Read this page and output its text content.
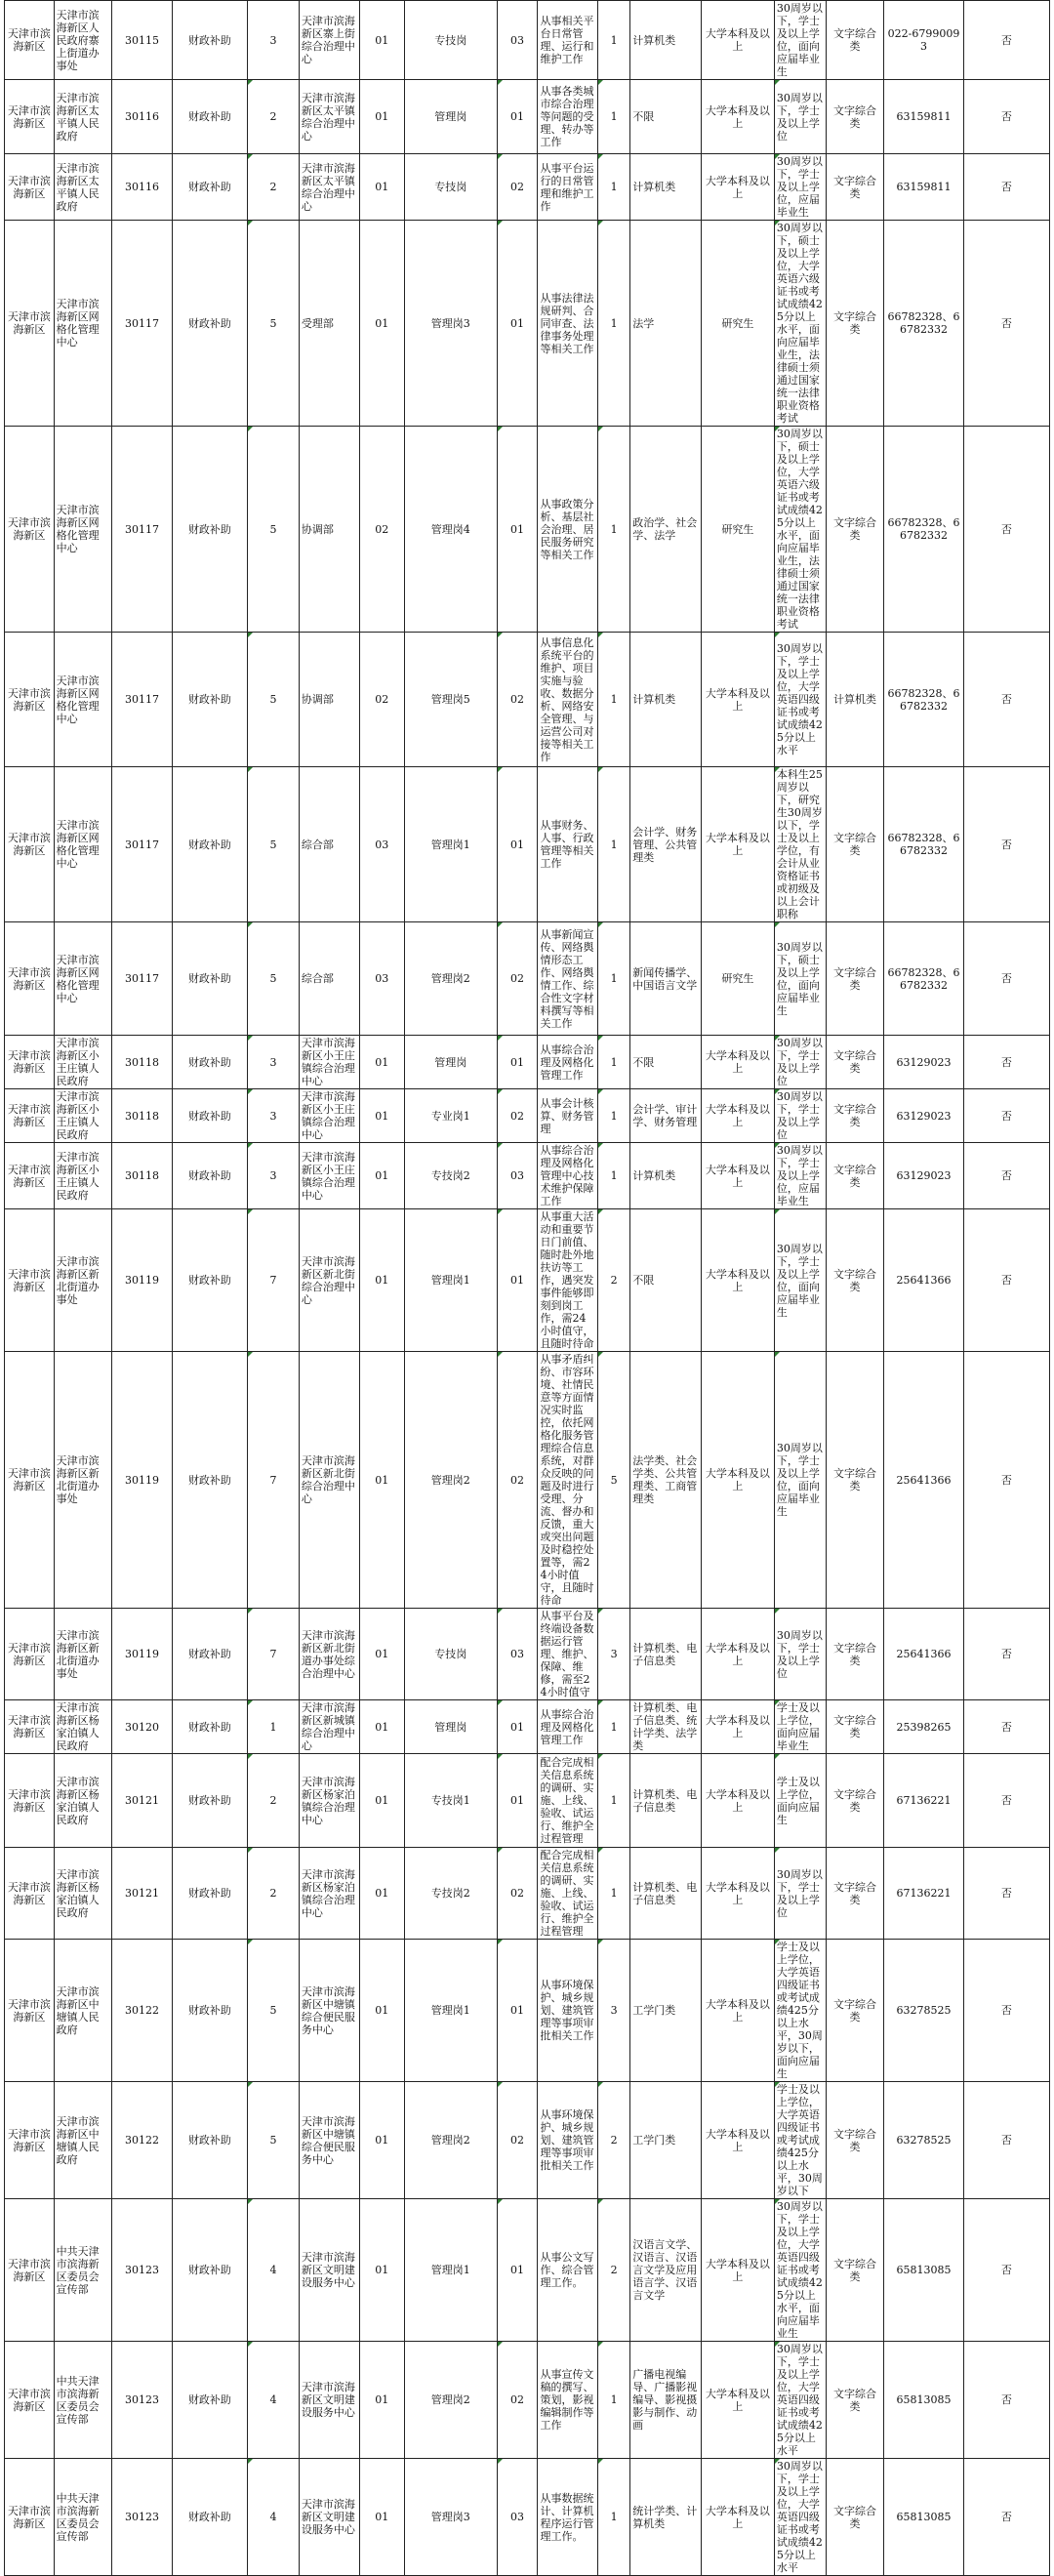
天津市滨海新区	天津市滨海新区人民政府寨上街道办事处	30115	财政补助	3	天津市滨海新区寨上街综合治理中心	01	专技岗	03	从事相关平台日常管理、运行和维护工作	1	计算机类	大学本科及以上	30周岁以下，学士及以上学位，面向应届毕业生	文字综合类	022-67990093	否
天津市滨海新区	天津市滨海新区太平镇人民政府	30116	财政补助	2	天津市滨海新区太平镇综合治理中心	01	管理岗	01	从事各类城市综合治理等问题的受理、转办等工作	1	不限	大学本科及以上	30周岁以下，学士及以上学位	文字综合类	63159811	否
天津市滨海新区	天津市滨海新区太平镇人民政府	30116	财政补助	2	天津市滨海新区太平镇综合治理中心	01	专技岗	02	从事平台运行的日常管理和维护工作	1	计算机类	大学本科及以上	30周岁以下，学士及以上学位，应届毕业生	文字综合类	63159811	否
天津市滨海新区	天津市滨海新区网格化管理中心	30117	财政补助	5	受理部	01	管理岗3	01	从事法律法规研判、合同审查、法律事务处理等相关工作	1	法学	研究生	30周岁以下，硕士及以上学位，大学英语六级证书或考试成绩425分以上水平，面向应届毕业生，法律硕士须通过国家统一法律职业资格考试	文字综合类	66782328、66782332	否
天津市滨海新区	天津市滨海新区网格化管理中心	30117	财政补助	5	协调部	02	管理岗4	01	从事政策分析、基层社会治理、居民服务研究等相关工作	1	政治学、社会学、法学	研究生	30周岁以下，硕士及以上学位，大学英语六级证书或考试成绩425分以上水平，面向应届毕业生，法律硕士须通过国家统一法律职业资格考试	文字综合类	66782328、66782332	否
天津市滨海新区	天津市滨海新区网格化管理中心	30117	财政补助	5	协调部	02	管理岗5	02	从事信息化系统平台的维护、项目实施与验收、数据分析、网络安全管理、与运营公司对接等相关工作	1	计算机类	大学本科及以上	30周岁以下，学士及以上学位，大学英语四级证书或考试成绩425分以上水平	计算机类	66782328、66782332	否
天津市滨海新区	天津市滨海新区网格化管理中心	30117	财政补助	5	综合部	03	管理岗1	01	从事财务、人事、行政管理等相关工作	1	会计学、财务管理、公共管理类	大学本科及以上	本科生25周岁以下，研究生30周岁以下，学士及以上学位，有会计从业资格证书或初级及以上会计职称	文字综合类	66782328、66782332	否
天津市滨海新区	天津市滨海新区网格化管理中心	30117	财政补助	5	综合部	03	管理岗2	02	从事新闻宣传、网络舆情形态工作、网络舆情工作、综合性文字材料撰写等相关工作	1	新闻传播学、中国语言文学	研究生	30周岁以下，硕士及以上学位，面向应届毕业生	文字综合类	66782328、66782332	否
天津市滨海新区	天津市滨海新区小王庄镇人民政府	30118	财政补助	3	天津市滨海新区小王庄镇综合治理中心	01	管理岗	01	从事综合治理及网格化管理工作	1	不限	大学本科及以上	30周岁以下，学士及以上学位	文字综合类	63129023	否
天津市滨海新区	天津市滨海新区小王庄镇人民政府	30118	财政补助	3	天津市滨海新区小王庄镇综合治理中心	01	专业岗1	02	从事会计核算、财务管理	1	会计学、审计学、财务管理	大学本科及以上	30周岁以下，学士及以上学位	文字综合类	63129023	否
天津市滨海新区	天津市滨海新区小王庄镇人民政府	30118	财政补助	3	天津市滨海新区小王庄镇综合治理中心	01	专技岗2	03	从事综合治理及网格化管理中心技术维护保障工作	1	计算机类	大学本科及以上	30周岁以下，学士及以上学位，应届毕业生	文字综合类	63129023	否
天津市滨海新区	天津市滨海新区新北街道办事处	30119	财政补助	7	天津市滨海新区新北街综合治理中心	01	管理岗1	01	从事重大活动和重要节日门前值、随时赴外地扶访等工作，遇突发事件能够即刻到岗工作，需24小时值守，且随时待命	2	不限	大学本科及以上	30周岁以下，学士及以上学位，面向应届毕业生	文字综合类	25641366	否
天津市滨海新区	天津市滨海新区新北街道办事处	30119	财政补助	7	天津市滨海新区新北街综合治理中心	01	管理岗2	02	从事矛盾纠纷、市容环境、社情民意等方面情况实时监控，依托网格化服务管理综合信息系统，对群众反映的问题及时进行受理、分流、督办和反馈，重大或突出问题及时稳控处置等，需24小时值守，且随时待命	5	法学类、社会学类、公共管理类、工商管理类	大学本科及以上	30周岁以下，学士及以上学位，面向应届毕业生	文字综合类	25641366	否
天津市滨海新区	天津市滨海新区新北街道办事处	30119	财政补助	7	天津市滨海新区新北街道办事处综合治理中心	01	专技岗	03	从事平台及终端设备数据运行管理、维护、保障、维修，需至24小时值守	3	计算机类、电子信息类	大学本科及以上	30周岁以下，学士及以上学位	文字综合类	25641366	否
天津市滨海新区	天津市滨海新区杨家泊镇人民政府	30120	财政补助	1	天津市滨海新区新城镇综合治理中心	01	管理岗	01	从事综合治理及网格化管理工作	1	计算机类、电子信息类、统计学类、法学类	大学本科及以上	学士及以上学位，面向应届毕业生	文字综合类	25398265	否
天津市滨海新区	天津市滨海新区杨家泊镇人民政府	30121	财政补助	2	天津市滨海新区杨家泊镇综合治理中心	01	专技岗1	01	配合完成相关信息系统的调研、实施、上线、验收、试运行、维护全过程管理	1	计算机类、电子信息类	大学本科及以上	学士及以上学位，面向应届生	文字综合类	67136221	否
天津市滨海新区	天津市滨海新区杨家泊镇人民政府	30121	财政补助	2	天津市滨海新区杨家泊镇综合治理中心	01	专技岗2	02	配合完成相关信息系统的调研、实施、上线、验收、试运行、维护全过程管理	1	计算机类、电子信息类	大学本科及以上	30周岁以下，学士及以上学位	文字综合类	67136221	否
天津市滨海新区	天津市滨海新区中塘镇人民政府	30122	财政补助	5	天津市滨海新区中塘镇综合便民服务中心	01	管理岗1	01	从事环境保护、城乡规划、建筑管理等事项审批相关工作	3	工学门类	大学本科及以上	学士及以上学位，大学英语四级证书或考试成绩425分以上水平，30周岁以下，面向应届生	文字综合类	63278525	否
天津市滨海新区	天津市滨海新区中塘镇人民政府	30122	财政补助	5	天津市滨海新区中塘镇综合便民服务中心	01	管理岗2	02	从事环境保护、城乡规划、建筑管理等事项审批相关工作	2	工学门类	大学本科及以上	学士及以上学位，大学英语四级证书或考试成绩425分以上水平，30周岁以下	文字综合类	63278525	否
天津市滨海新区	中共天津市滨海新区委员会宣传部	30123	财政补助	4	天津市滨海新区文明建设服务中心	01	管理岗1	01	从事公文写作、综合管理工作。	2	汉语言文学、汉语言、汉语言文学及应用语言学、汉语言文学	大学本科及以上	30周岁以下，学士及以上学位，大学英语四级证书或考试成绩425分以上水平，面向应届毕业生	文字综合类	65813085	否
天津市滨海新区	中共天津市滨海新区委员会宣传部	30123	财政补助	4	天津市滨海新区文明建设服务中心	01	管理岗2	02	从事宣传文稿的撰写、策划，影视编辑制作等工作	1	广播电视编导、广播影视编导、影视摄影与制作、动画	大学本科及以上	30周岁以下，学士及以上学位，大学英语四级证书或考试成绩425分以上水平	文字综合类	65813085	否
天津市滨海新区	中共天津市滨海新区委员会宣传部	30123	财政补助	4	天津市滨海新区文明建设服务中心	01	管理岗3	03	从事数据统计、计算机程序运行管理工作。	1	统计学类、计算机类	大学本科及以上	30周岁以下，学士及以上学位，大学英语四级证书或考试成绩425分以上水平	文字综合类	65813085	否
